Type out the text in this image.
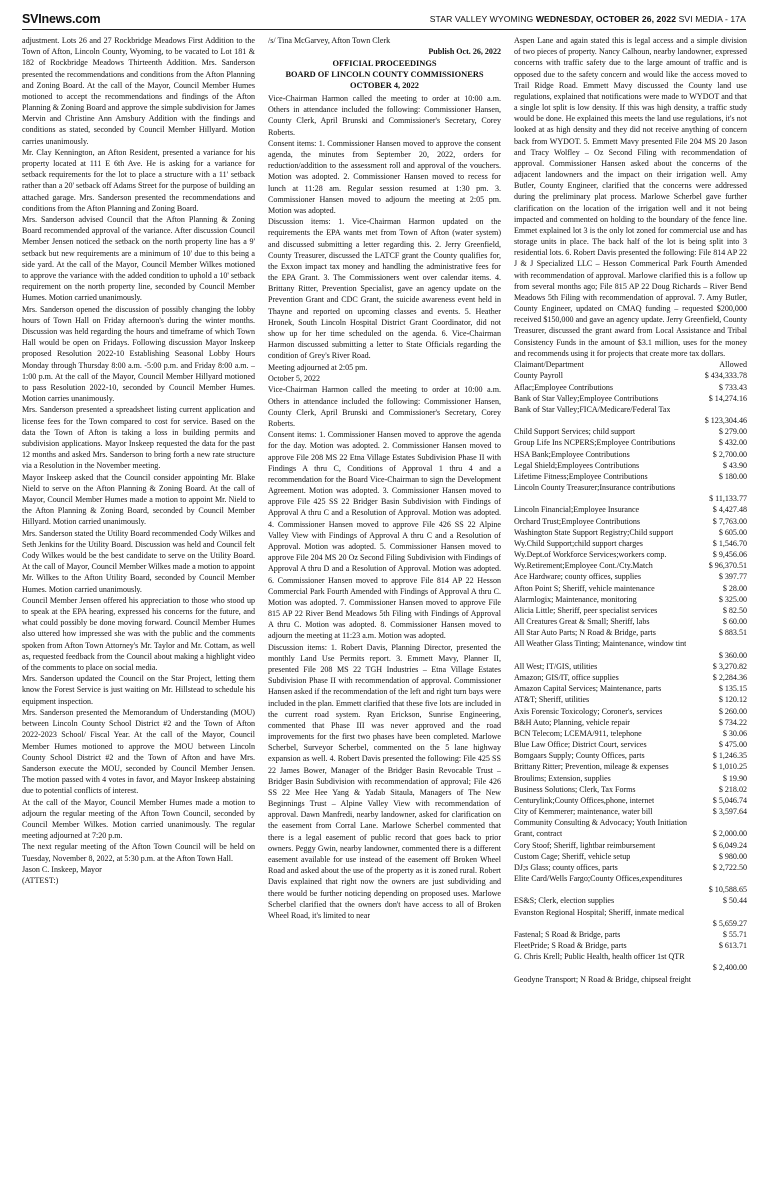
SVInews.com	STAR VALLEY WYOMING WEDNESDAY, OCTOBER 26, 2022 SVI MEDIA - 17A

adjustment. Lots 26 and 27 Rockbridge Meadows First Addition to the Town of Afton, Lincoln County, Wyoming, to be vacated to Lot 181 & 182 of Rockbridge Meadows Thirteenth Addition. Mrs. Sanderson presented the recommendations and conditions from the Afton Planning and Zoning Board. At the call of the Mayor, Council Member Humes motioned to accept the recommendations and findings of the Afton Planning & Zoning Board and approve the simple subdivision for James Mervin and Christine Ann Amsbury Addition with the findings and conditions as stated, seconded by Council Member Hillyard. Motion carries unanimously.

Mr. Clay Kennington, an Afton Resident, presented a variance for his property located at 111 E 6th Ave. He is asking for a variance for setback requirements for the lot to place a structure with a 11' setback rather than a 20' setback off Adams Street for the purpose of building an attached garage. Mrs. Sanderson presented the recommendations and conditions from the Afton Planning and Zoning Board.

Mrs. Sanderson advised Council that the Afton Planning & Zoning Board recommended approval of the variance. After discussion Council Member Jensen noticed the setback on the north property line has a 9' setback but new requirements are a minimum of 10' due to this being a side yard. At the call of the Mayor, Council Member Wilkes motioned to approve the variance with the added condition to uphold a 10' setback requirement on the north property line, seconded by Council Member Humes. Motion carried unanimously.

Mrs. Sanderson opened the discussion of possibly changing the lobby hours of Town Hall on Friday afternoon's during the winter months. Discussion was held regarding the hours and timeframe of which Town Hall would be open on Fridays. Following discussion Mayor Inskeep proposed Resolution 2022-10 Establishing Seasonal Lobby Hours Monday through Thursday 8:00 a.m. -5:00 p.m. and Friday 8:00 a.m. – 1:00 p.m. At the call of the Mayor, Council Member Hillyard motioned to pass Resolution 2022-10, seconded by Council Member Humes. Motion carries unanimously.

Mrs. Sanderson presented a spreadsheet listing current application and license fees for the Town compared to cost for service. Based on the data the Town of Afton is taking a loss in building permits and subdivision applications. Mayor Inskeep requested the data for the past 12 months and asked Mrs. Sanderson to bring forth a new rate structure via a Resolution in the November meeting.

Mayor Inskeep asked that the Council consider appointing Mr. Blake Nield to serve on the Afton Planning & Zoning Board. At the call of Mayor, Council Member Humes made a motion to appoint Mr. Nield to the Afton Planning & Zoning Board, seconded by Council Member Hillyard. Motion carried unanimously.

Mrs. Sanderson stated the Utility Board recommended Cody Wilkes and Seth Jenkins for the Utility Board. Discussion was held and Council felt Cody Wilkes would be the best candidate to serve on the Utility Board. At the call of Mayor, Council Member Wilkes made a motion to appoint Mr. Wilkes to the Afton Utility Board, seconded by Council Member Humes. Motion carried unanimously.

Council Member Jensen offered his appreciation to those who stood up to speak at the EPA hearing, expressed his concerns for the future, and what could possibly be done moving forward. Council Member Humes also uttered how impressed she was with the public and the comments spoken from Afton Town Attorney's Mr. Taylor and Mr. Cottam, as well as, requested feedback from the Council about making a highlight video of the comments to place on social media.

Mrs. Sanderson updated the Council on the Star Project, letting them know the Forest Service is just waiting on Mr. Hillstead to schedule his equipment inspection.

Mrs. Sanderson presented the Memorandum of Understanding (MOU) between Lincoln County School District #2 and the Town of Afton 2022-2023 School/ Fiscal Year. At the call of the Mayor, Council Member Humes motioned to approve the MOU between Lincoln County School District #2 and the Town of Afton and have Mrs. Sanderson execute the MOU, seconded by Council Member Jensen. The motion passed with 4 votes in favor, and Mayor Inskeep abstaining due to potential conflicts of interest.

At the call of the Mayor, Council Member Humes made a motion to adjourn the regular meeting of the Afton Town Council, seconded by Council Member Wilkes. Motion carried unanimously. The regular meeting adjourned at 7:20 p.m.

The next regular meeting of the Afton Town Council will be held on Tuesday, November 8, 2022, at 5:30 p.m. at the Afton Town Hall.

Jason C. Inskeep, Mayor

(ATTEST:)

/s/ Tina McGarvey, Afton Town Clerk

Publish Oct. 26, 2022

OFFICIAL PROCEEDINGS
BOARD OF LINCOLN COUNTY COMMISSIONERS
OCTOBER 4, 2022

Vice-Chairman Harmon called the meeting to order at 10:00 a.m. Others in attendance included the following: Commissioner Hansen, County Clerk, April Brunski and Commissioner's Secretary, Corey Roberts.

Consent items: 1. Commissioner Hansen moved to approve the consent agenda, the minutes from September 20, 2022, orders for reduction/addition to the assessment roll and approval of the vouchers. Motion was adopted. 2. Commissioner Hansen moved to recess for lunch at 11:28 am. Regular session resumed at 1:30 pm. 3. Commissioner Hansen moved to adjourn the meeting at 2:05 pm. Motion was adopted.

Discussion items: 1. Vice-Chairman Harmon updated on the requirements the EPA wants met from Town of Afton (water system) and discussed submitting a letter regarding this. 2. Jerry Greenfield, County Treasurer, discussed the LATCF grant the County qualifies for, the Exxon impact tax money and handling the administrative fees for the EPA Grant. 3. The Commissioners went over calendar items. 4. Brittany Ritter, Prevention Specialist, gave an agency update on the Prevention Grant and CDC Grant, the suicide awareness event held in Thayne and reported on upcoming classes and events. 5. Heather Hronek, South Lincoln Hospital District Grant Coordinator, did not show up for her time scheduled on the agenda. 6. Vice-Chairman Harmon discussed submitting a letter to State Officials regarding the condition of Grey's River Road.

Meeting adjourned at 2:05 pm.

October 5, 2022

Vice-Chairman Harmon called the meeting to order at 10:00 a.m. Others in attendance included the following: Commissioner Hansen, County Clerk, April Brunski and Commissioner's Secretary, Corey Roberts.

Consent items: 1. Commissioner Hansen moved to approve the agenda for the day. Motion was adopted. 2. Commissioner Hansen moved to approve File 208 MS 22 Etna Village Estates Subdivision Phase II with Findings A thru C, Conditions of Approval 1 thru 4 and a recommendation for the Board Vice-Chairman to sign the Development Agreement. Motion was adopted. 3. Commissioner Hansen moved to approve File 425 SS 22 Bridger Basin Subdivision with Findings of Approval A thru C and a Resolution of Approval. Motion was adopted. 4. Commissioner Hansen moved to approve File 426 SS 22 Alpine Valley View with Findings of Approval A thru C and a Resolution of Approval. Motion was adopted. 5. Commissioner Hansen moved to approve File 204 MS 20 Oz Second Filing Subdivision with Findings of Approval A thru D and a Resolution of Approval. Motion was adopted. 6. Commissioner Hansen moved to approve File 814 AP 22 Hesson Commercial Park Fourth Amended with Findings of Approval A thru C. Motion was adopted. 7. Commissioner Hansen moved to approve File 815 AP 22 River Bend Meadows 5th Filing with Findings of Approval A thru C. Motion was adopted. 8. Commissioner Hansen moved to adjourn the meeting at 11:23 a.m. Motion was adopted.

Discussion items: 1. Robert Davis, Planning Director, presented the monthly Land Use Permits report. 3. Emmett Mavy, Planner II, presented File 208 MS 22 TGH Industries – Etna Village Estates Subdivision Phase II with recommendation of approval. Commissioner Hansen asked if the recommendation of the left and right turn bays were included in the plan. Emmett clarified that these five lots are included in the current road system. Ryan Erickson, Sunrise Engineering, commented that Phase III was never approved and the road improvements for the first two phases have been completed. Marlowe Scherbel, Surveyor Scherbel, commented on the 5 lane highway expansion as well. 4. Robert Davis presented the following: File 425 SS 22 James Bower, Manager of the Bridger Basin Revocable Trust – Bridger Basin Subdivision with recommendation of approval; File 426 SS 22 Mee Hee Yang & Yadab Sitaula, Managers of The New Beginnings Trust – Alpine Valley View with recommendation of approval. Dawn Manfredi, nearby landowner, asked for clarification on the easement from Corral Lane. Marlowe Scherbel commented that there is a legal easement of public record that goes back to prior owners. Peggy Gwin, nearby landowner, commented there is a different easement available for use instead of the easement off Broken Wheel Road and asked about the use of the property as it is zoned rural. Robert Davis explained that right now the owners are just subdividing and there would be further noticing depending on proposed uses. Marlowe Scherbel clarified that the owners don't have access to all of Broken Wheel Road, it's limited to near

Aspen Lane and again stated this is legal access and a simple division of two pieces of property. Nancy Calhoun, nearby landowner, expressed concerns with traffic safety due to the large amount of traffic and is opposed due to the safety concern and would like the access moved to Trail Ridge Road. Emmett Mavy discussed the County land use regulations, explained that notifications were made to WYDOT and that a single lot split is low density. If this was high density, a traffic study would be done. He explained this meets the land use regulations, it's not looked at as high density and they did not receive anything of concern back from WYDOT. 5. Emmett Mavy presented File 204 MS 20 Jason and Tracy Wolfley – Oz Second Filing with recommendation of approval. Commissioner Hansen asked about the concerns of the adjacent landowners and the impact on their irrigation well. Amy Butler, County Engineer, clarified that the concerns were addressed during the preliminary plat process. Marlowe Scherbel gave further clarification on the location of the irrigation well and it not being impacted and commented on holding to the boundary of the fence line. Emmet explained lot 3 is the only lot zoned for commercial use and has storage units in place. The back half of the lot is being split into 3 residential lots. 6. Robert Davis presented the following: File 814 AP 22 J & J Specialized LLC – Hesson Commerical Park Fourth Amended with recommendation of approval. Marlowe clarified this is a follow up from several months ago; File 815 AP 22 Doug Richards – River Bend Meadows 5th Filing with recommendation of approval. 7. Amy Butler, County Engineer, updated on CMAQ funding – requested $200,000 received $150,000 and gave an agency update. Jerry Greenfield, County Treasurer, discussed the grant award from Local Assistance and Tribal Consistency Funds in the amount of $3.1 million, uses for the money and recommends using it for projects that create more tax dollars.

Claimant/Department	Allowed
County Payroll	$ 434,333.78
Aflac;Employee Contributions	$ 733.43
Bank of Star Valley;Employee Contributions	$ 14,274.16
Bank of Star Valley;FICA/Medicare/Federal Tax
$ 123,304.46
Child Support Services; child support	$ 279.00
Group Life Ins NCPERS;Employee Contributions	$ 432.00
HSA Bank;Employee Contributions	$ 2,700.00
Legal Shield;Employees Contributions	$ 43.90
Lifetime Fitness;Employee Contributions	$ 180.00
Lincoln County Treasurer;Insurance contributions
$ 11,133.77
Lincoln Financial;Employee Insurance	$ 4,427.48
Orchard Trust;Employee Contributions	$ 7,763.00
Washington State Support Registry;Child support	$ 605.00
Wy.Child Support;child support charges	$ 1,546.70
Wy.Dept.of Workforce Services;workers comp.	$ 9,456.06
Wy.Retirement;Employee Cont./Cty.Match	$ 96,370.51
Ace Hardware; county offices, supplies	$ 397.77
Afton Point S; Sheriff, vehicle maintenance	$ 28.00
Alarmlogix; Maintenance, monitoring	$ 325.00
Alicia Little; Sheriff, peer specialist services	$ 82.50
All Creatures Great & Small; Sheriff, labs	$ 60.00
All Star Auto Parts; N Road & Bridge, parts	$ 883.51
All Weather Glass Tinting; Maintenance, window tint
$ 360.00
All West; IT/GIS, utilities	$ 3,270.82
Amazon; GIS/IT, office supplies	$ 2,284.36
Amazon Capital Services; Maintenance, parts	$ 135.15
AT&T; Sheriff, utilities	$ 120.12
Axis Forensic Toxicology; Coroner's, services	$ 260.00
B&H Auto; Planning, vehicle repair	$ 734.22
BCN Telecom; LCEMA/911, telephone	$ 30.06
Blue Law Office; District Court, services	$ 475.00
Bomgaars Supply; County Offices, parts	$ 1,246.35
Brittany Ritter; Prevention, mileage & expenses	$ 1,010.25
Broulims; Extension, supplies	$ 19.90
Business Solutions; Clerk, Tax Forms	$ 218.02
Centurylink;County Offices,phone, internet	$ 5,046.74
City of Kemmerer; maintenance, water bill	$ 3,597.64
Community Consulting & Advocacy; Youth Initiation
Grant, contract	$ 2,000.00
Cory Stoof; Sheriff, lightbar reimbursement	$ 6,049.24
Custom Cage; Sheriff, vehicle setup	$ 980.00
DJ;s Glass; county offices, parts	$ 2,722.50
Elite Card/Wells Fargo;County Offices,expenditures
$ 10,588.65
ES&S; Clerk, election supplies	$ 50.44
Evanston Regional Hospital; Sheriff, inmate medical
$ 5,659.27
Fastenal; S Road & Bridge, parts	$ 55.71
FleetPride; S Road & Bridge, parts	$ 613.71
G. Chris Krell; Public Health, health officer 1st QTR
$ 2,400.00
Geodyne Transport; N Road & Bridge, chipseal freight
